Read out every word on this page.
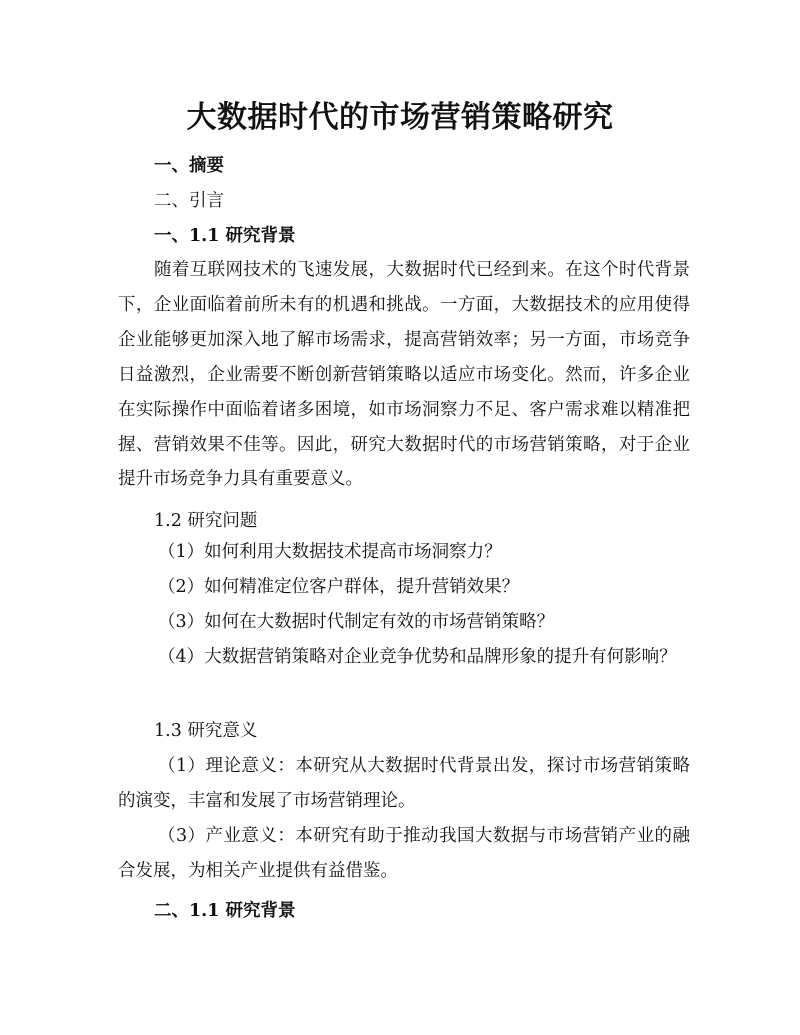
大数据时代的市场营销策略研究
一、摘要
二、引言
一、1.1 研究背景

随着互联网技术的飞速发展，大数据时代已经到来。在这个时代背景下，企业面临着前所未有的机遇和挑战。一方面，大数据技术的应用使得企业能够更加深入地了解市场需求，提高营销效率；另一方面，市场竞争日益激烈，企业需要不断创新营销策略以适应市场变化。然而，许多企业在实际操作中面临着诸多困境，如市场洞察力不足、客户需求难以精准把握、营销效果不佳等。因此，研究大数据时代的市场营销策略，对于企业提升市场竞争力具有重要意义。

1.2 研究问题

（1）如何利用大数据技术提高市场洞察力？

（2）如何精准定位客户群体，提升营销效果？

（3）如何在大数据时代制定有效的市场营销策略？

（4）大数据营销策略对企业竞争优势和品牌形象的提升有何影响？

1.3 研究意义

（1）理论意义：本研究从大数据时代背景出发，探讨市场营销策略的演变，丰富和发展了市场营销理论。

（3）产业意义：本研究有助于推动我国大数据与市场营销产业的融合发展，为相关产业提供有益借鉴。

二、1.1 研究背景
